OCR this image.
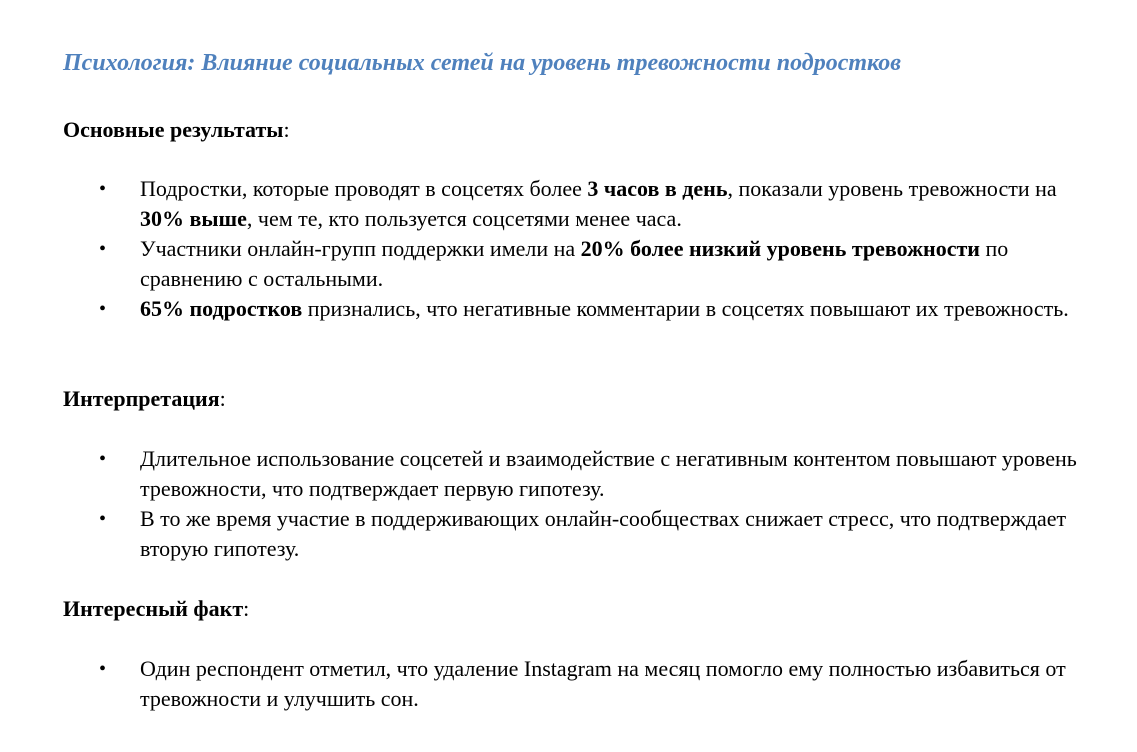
Психология: Влияние социальных сетей на уровень тревожности подростков

Основные результаты:

• Подростки, которые проводят в соцсетях более 3 часов в день, показали уровень тревожности на 30% выше, чем те, кто пользуется соцсетями менее часа.
• Участники онлайн-групп поддержки имели на 20% более низкий уровень тревожности по сравнению с остальными.
• 65% подростков признались, что негативные комментарии в соцсетях повышают их тревожность.

Интерпретация:

• Длительное использование соцсетей и взаимодействие с негативным контентом повышают уровень тревожности, что подтверждает первую гипотезу.
• В то же время участие в поддерживающих онлайн-сообществах снижает стресс, что подтверждает вторую гипотезу.

Интересный факт:

• Один респондент отметил, что удаление Instagram на месяц помогло ему полностью избавиться от тревожности и улучшить сон.
